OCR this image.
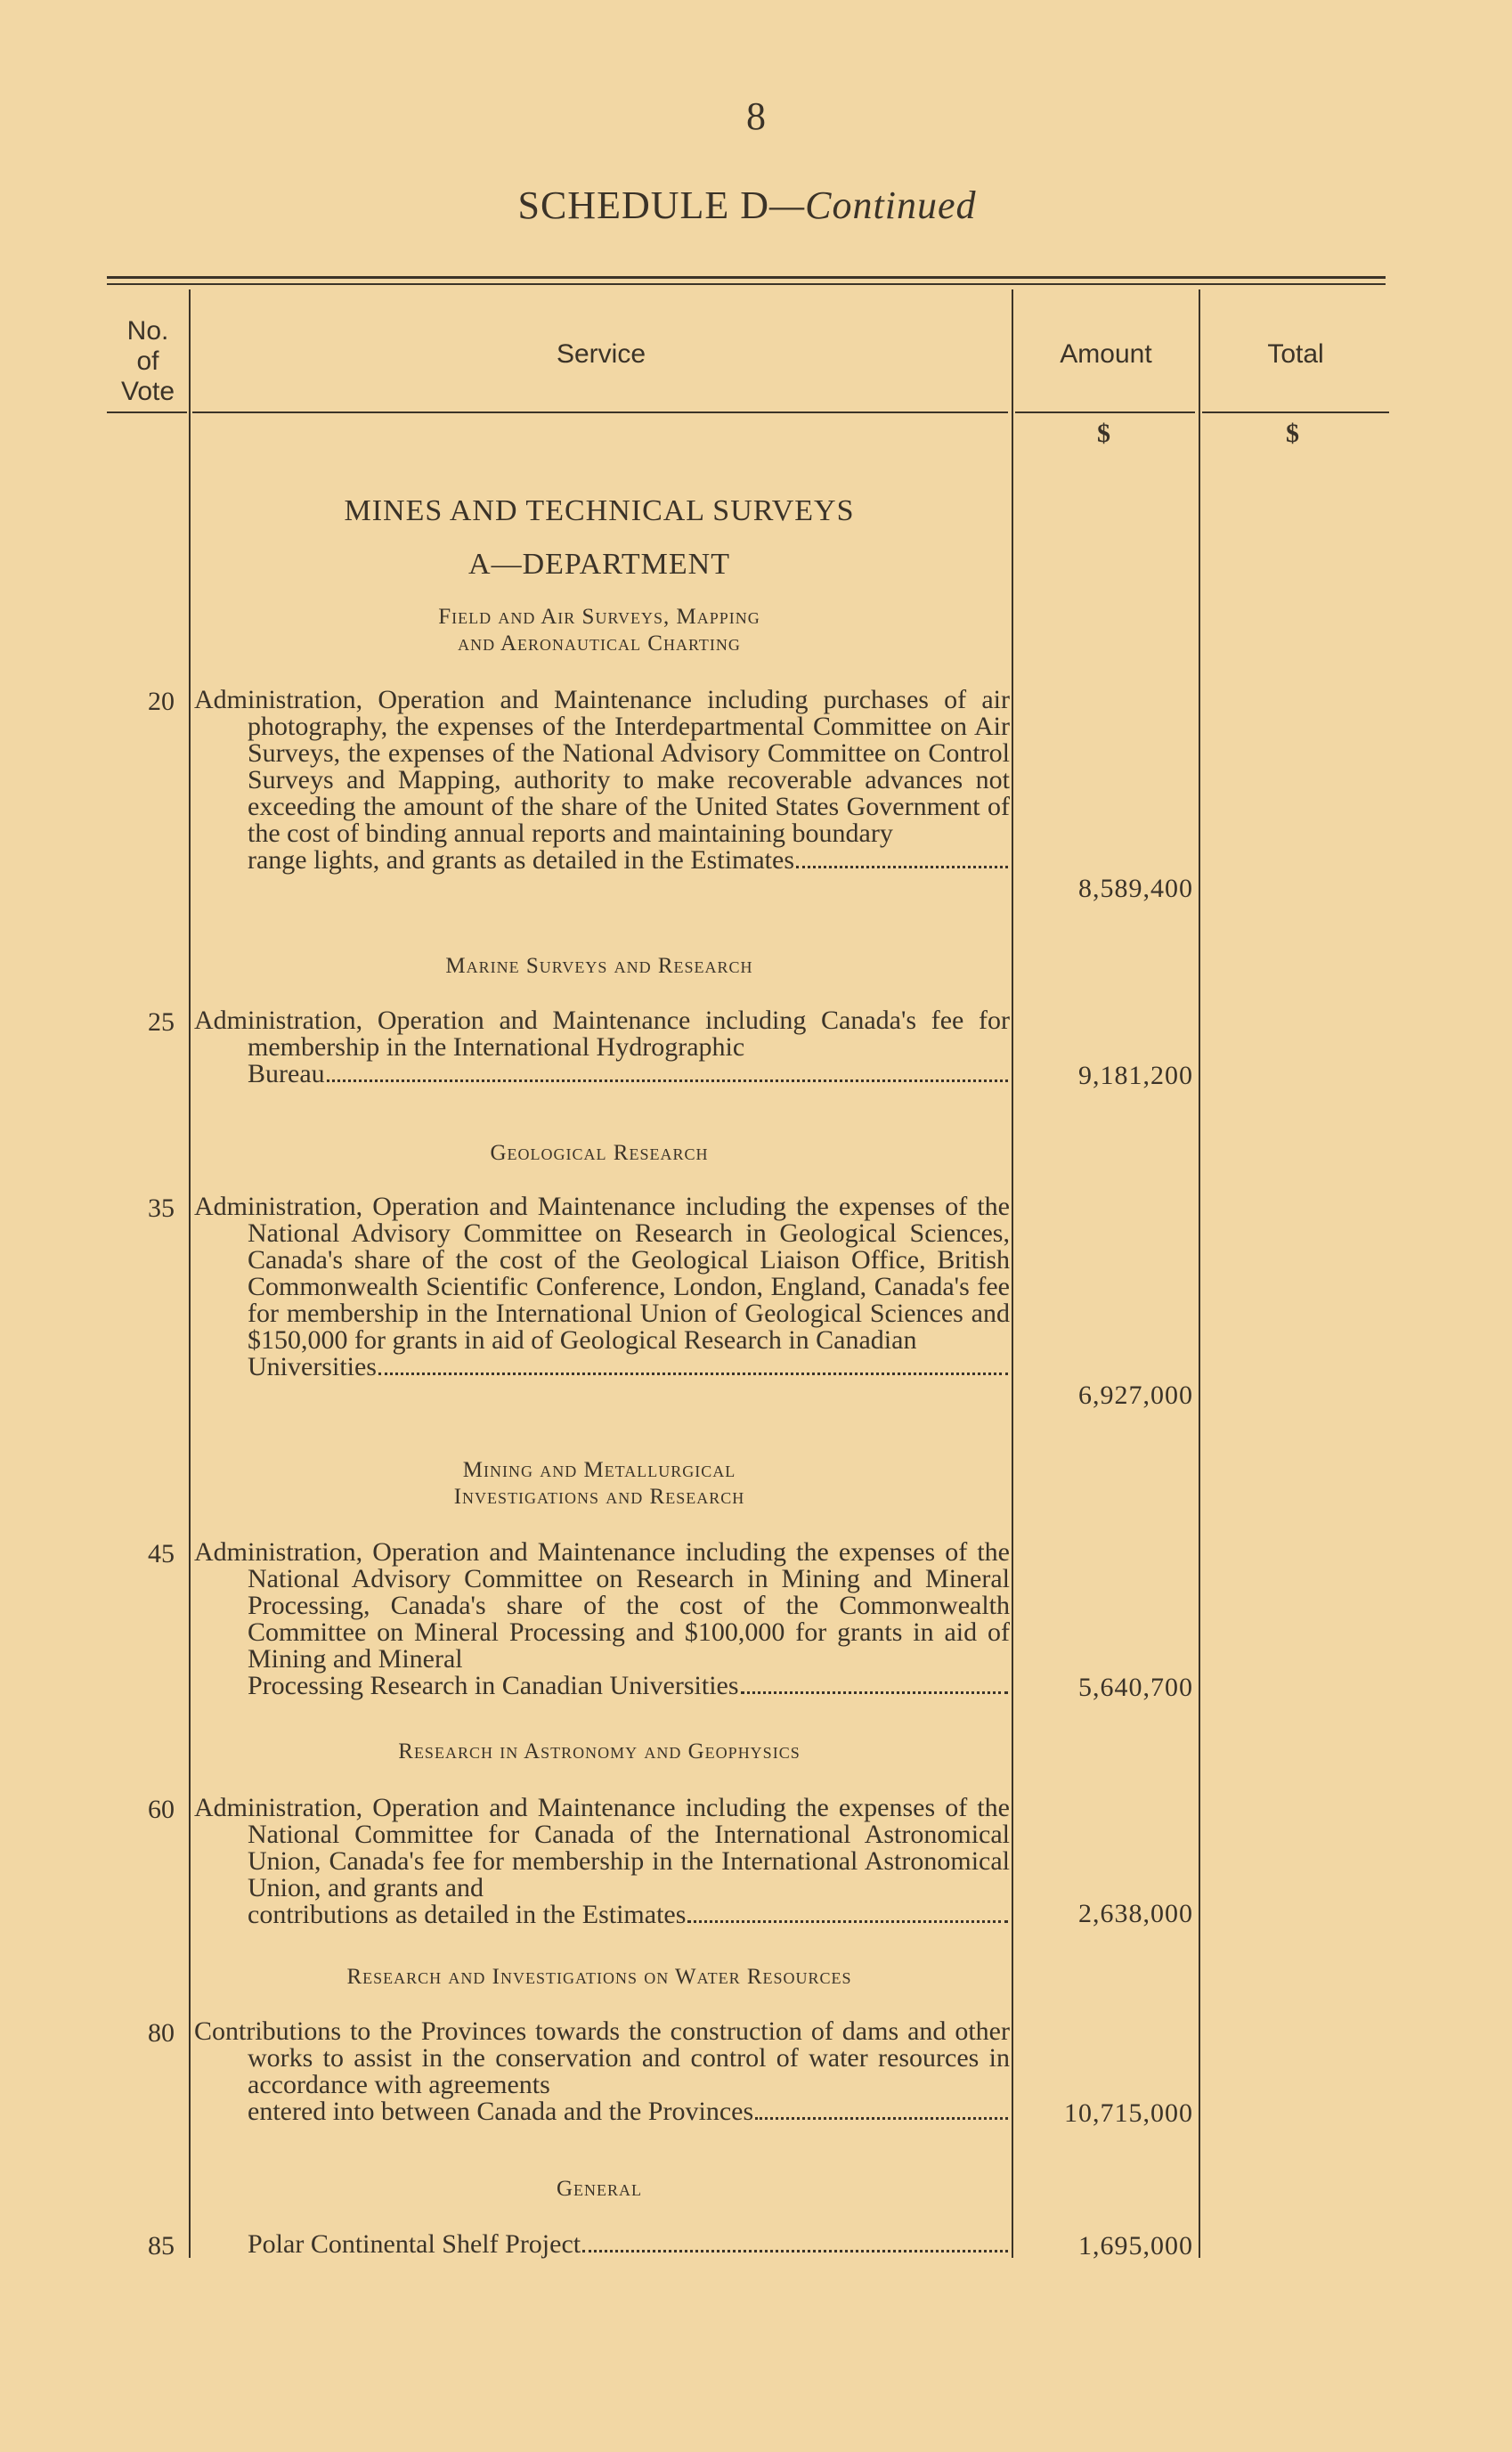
8
SCHEDULE D—Continued
No.
of
Vote
Service	Amount	Total
$	$
MINES AND TECHNICAL SURVEYS
A—DEPARTMENT
Field and Air Surveys, Mapping
and Aeronautical Charting
20 Administration, Operation and Maintenance including purchases of air photography, the expenses of the Interdepartmental Committee on Air Surveys, the expenses of the National Advisory Committee on Control Surveys and Mapping, authority to make recoverable advances not exceeding the amount of the share of the United States Government of the cost of binding annual reports and maintaining boundary
range lights, and grants as detailed in the Estimates
8,589,400
Marine Surveys and Research
25 Administration, Operation and Maintenance including Canada's fee for membership in the International Hydrographic
Bureau	9,181,200
Geological Research
35 Administration, Operation and Maintenance including the expenses of the National Advisory Committee on Research in Geological Sciences, Canada's share of the cost of the Geological Liaison Office, British Commonwealth Scientific Conference, London, England, Canada's fee for membership in the International Union of Geological Sciences and $150,000 for grants in aid of Geological Research in Canadian
Universities
6,927,000
Mining and Metallurgical
Investigations and Research
45 Administration, Operation and Maintenance including the expenses of the National Advisory Committee on Research in Mining and Mineral Processing, Canada's share of the cost of the Commonwealth Committee on Mineral Processing and $100,000 for grants in aid of Mining and Mineral
Processing Research in Canadian Universities	5,640,700
Research in Astronomy and Geophysics
60 Administration, Operation and Maintenance including the expenses of the National Committee for Canada of the International Astronomical Union, Canada's fee for membership in the International Astronomical Union, and grants and
contributions as detailed in the Estimates	2,638,000
Research and Investigations on Water Resources
80 Contributions to the Provinces towards the construction of dams and other works to assist in the conservation and control of water resources in accordance with agreements
entered into between Canada and the Provinces	10,715,000
General
85	Polar Continental Shelf Project	1,695,000
